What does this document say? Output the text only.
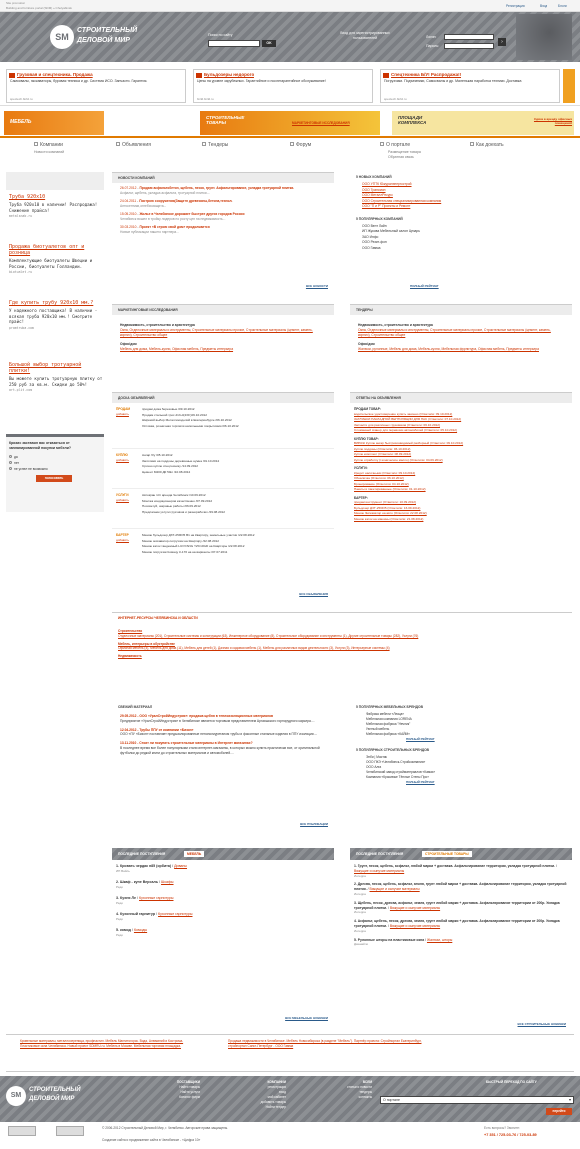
Site promotion
Building and furniture portal (SDM) » Chelyabinsk	Регистрация	Вход	Блоги
SM
СТРОИТЕЛЬНЫЙ
ДЕЛОВОЙ МИР
Поиск по сайту
OK
Вход для зарегистрированных пользователей	Логин:
Пароль:
›
Грузовая и спецтехника. Продажа
Самосвалы, экскаваторы, буровая техника и др. Система ИСО. Запчасти. Гарантия.
spectech.bizld.ru
Бульдозеры недорого
Цены на уровне зарубежных. Гарантийное и послегарантийное обслуживание!
bizld.bizld.ru
Спецтехника Б/У! Распродажа!!
Погрузчики. Подъемники, Самосвалы и др. Маленькая наработка техники. Доставка
spectech.bizld.ru
МЕБЕЛЬ
СТРОИТЕЛЬНЫЕ ТОВАРЫ	МАРКЕТИНГОВЫЕ ИССЛЕДОВАНИЯ
ПЛОЩАДИ КОМПЛЕКСА
Сдача в аренду офисных помещений
Компании
Новости компаний
Объявления	Тендеры	Форум	О портале
Размещение товара
Обратная связь
Как доехать
Труба 920х10
Труба 920х10 в наличии! Распродажа! Снижение прайса!
metalsnab.ru
Продажа биотуалетов опт и розница
Комплектующие биотуалеты Швеции и России, биотуалеты Голландии.
biotualet.ru
Где купить трубу 920х10 мм.?
У надежного поставщика! В наличии - всякая труба 920х10 мм.! Смотрите прайс!
promtruba.com
Большой выбор тротуарной плитки!
Вы можете купить тротуарную плитку от 250 руб за кв.м. Скидки до 50%!
art-plit.com
Кризис заставил вас отказаться от запланированной покупки мебели?
да
нет
не успел не возможно
голосовать
НОВОСТИ КОМПАНИЙ
26.07.2012 - Продаю асфальтобетон, щебень, песок, грунт. Асфальтирование, укладка тротуарной плитки.
Асфальт, щебень, укладка асфальта, тротуарной плитки....
24.04.2011 - Построю сооружения(Защитн древесины,бетона,технол.
Антисептики,огнебиозащита...
15.05.2010 - Жилье в Челябинске дорожает быстрее других городов России
Челябинск вошел в тройку лидеров по росту цен на недвижимость...
30.03.2010 - Проект «В строю свой дом» продолжается
Новые публикации нашего партнера...
ВСЕ НОВОСТИ
5 НОВЫХ КОМПАНИЙ
ООО УПТК Южуралэнергострой
ООО Трансмон
ООО МеталлРесурс
ООО Строительная специализированная компания
ООО "П и Р" Проекты и Ремонт
5 ПОПУЛЯРНЫХ КОМПАНИЙ
ООО Вент Лайн
ИП Жукова Мебельный салон Цезарь
ЗАО Инфо
ООО Резит-фон
ООО Гамма
ПОЛНЫЙ РЕЙТИНГ
МАРКЕТИНГОВЫЕ ИССЛЕДОВАНИЯ
Недвижимость, строительство и архитектура
Окна, Отделочные материалы и инструменты, Строительные материалы прочие, Строительные материалы (цемент, камень, кирпич), Строительство общее
Офис/дом
Мебель для дома, Мебель-кухни, Офисная мебель, Предметы интерьера
ТЕНДЕРЫ
Недвижимость, строительство и архитектура
Окна, Отделочные материалы и инструменты, Строительные материалы прочие, Строительные материалы (цемент, камень, кирпич), Строительство общее
Офис/дом
Жалюзи, рулонные, Мебель для дома, Мебель-кухни, Мебельная фурнитура, Офисная мебель, Предметы интерьера
ДОСКА ОБЪЯВЛЕНИЙ
ПРОДАМ
добавить
продам дома березовые /09.10.2012
Продам стальной трос d13-d(430 )09.10.2012
Широкий выбор Металлоизделий в Екатеринбурге /06.10.2012
Оптовая, розничная торговля напольными покрытиями /06.10.2012
КУПЛЮ
добавить
Ангар б/у /05.10.2012
Заготовки на поддоны деревянные нужна /01.10.2012
Срочно куплю спецтехнику /14.09.2012
Цемент М400 Д0 50кг /10.08.2012
УСЛУГИ
добавить
Автокран 14т аренда Челябинск /10.09.2012
Монтаж кондиционеров качественно /07.09.2012
Посоветуй, шаровые работы /06.09.2012
Предлагаем услуги грузчиков и разнорабочих /29.08.2012
БАРТЕР
добавить
Меняю бульдозер Д3Т-25ЯО5 В1 на Квартиру, земельные участки /22.08.2012
Меняю экскаватор-погрузчик на Квартиру /22.08.2012
Меняю каток тандемный LUOYANG YZC10GD на Квартиры /22.08.2012
Меняю погрузчик Комацу К-170 на на варианты /07.07.2011
ВСЕ ОБЪЯВЛЕНИЯ
ОТВЕТЫ НА ОБЪЯВЛЕНИЯ
ПРОДАМ ТОВАР:
водительское удостоверение купить законно (Ответили: 09.10.2012)
ЗАГЛУШКИ НАКЛАДНОЙ ВЕНТИЛЯЦИИ ДЛЯ НАС (Ответили: 07.10.2012)
Запчасти для различных грузовиков (Ответили: 06.10.2012)
Сломанный сканер для перевозки автомобилей (Ответили: 05.10.2012)
КУПЛЮ ТОВАР:
ВИРАЖ Куплю ангар быстровозводимый разборный (Ответили: 09.10.2012)
Куплю поддоны (Ответили: 06.10.2012)
Куплю комплект (Ответили: 08.09.2012)
Куплю отработку (техническое масло) (Ответили: 04.09.2012)
УСЛУГИ:
Кредит наличными (Ответили: 09.10.2012)
Обналичка (Ответили: 06.10.2012)
Бронирование (Ответили: 04.10.2012)
Пакеты и пакетированные (Ответили: 01.10.2012)
БАРТЕР:
продам инструмент (Ответили: 10.09.2012)
Бульдозер Д3Т-25ЯО5 (Ответили: 16.09.2012)
Меняю Экскаватор на авто (Ответили: 22.08.2012)
Меняю каток на машины (Ответили: 21.08.2012)
ИНТЕРНЕТ-РЕСУРСЫ ЧЕЛЯБИНСКА И ОБЛАСТИ
Строительство
Отделочные материалы (201), Строительные системы и конструкции (63), Инженерное оборудование (8), Строительное оборудование и инструменты (1), Другие строительные товары (282), Услуги (76)
Мебель, интерьеры в обустройстве
Офисная мебель (4), Мебель для дома (11), Мебель для детей (1), Дачная и садовая мебель (1), Мебель для различных видов деятельности (3), Услуги (3), Интерьерные системы (4)
Недвижимость
СВЕЖИЙ МАТЕРИАЛ
29.05.2012 - ООО «УралСтройИндустрия»: продажа щебня в теплоизоляционных материалов
Предприятие «УралСтройИндустрия» в Челябинске является торговым представителем Аргаяшского горнорудного карьера....
12.04.2012 - Трубы ППУ от компании «Бизон»
ООО «ПУ «Бизон» поставляет предызолированные пенополиуретаном трубы и фасонные стальные изделия в ППУ изоляции....
13.11.2010 - Стоит ли покупать строительные материалы в Интернет магазинах?
В последнее время все более популярными стали интернет-магазины, в которых можно купить практически все, от оригинальной футболки до редкой книги до строительных материалов и автомобилей....
ВСЕ ПУБЛИКАЦИИ
5 ПОПУЛЯРНЫХ МЕБЕЛЬНЫХ БРЕНДОВ
Фабрика мебели «Лекца»
Мебельная компания LORENA
Мебельная фабрика "Нечник"
Уютный мебель
Мебельная фабрика «КАЙМ»
ПОЛНЫЙ РЕЙТИНГ
5 ПОПУЛЯРНЫХ СТРОИТЕЛЬНЫХ БРЕНДОВ
Энби | Мастик
ООО ПКЭ «Челябинск-Стройкомпания»
ООО Алга
Челябинский завод стройматериалов «Камаз»
Компания «Красивые Тёплые Стены Про»
ПОЛНЫЙ РЕЙТИНГ
ПОСЛЕДНИЕ ПОСТУПЛЕНИЯ	МЕБЕЛЬ
1. Кровать чердак н85 (орбита) / Диваны
ИП Вайль
2. Шкаф - купе Версаль / Шкафы
Радо
3. Кухня Ле / Кухонные гарнитуры
Радо
4. Кухонный гарнитур / Кухонные гарнитуры
Радо
5. комод / Комоды
Радо
ВСЕ МЕБЕЛЬНЫЕ НОВИНКИ
ПОСЛЕДНИЕ ПОСТУПЛЕНИЯ	СТРОИТЕЛЬНЫЕ ТОВАРЫ
1. Грунт, песок, щебень, асфальт, любой марки + доставка. Асфальтирование территории, укладка тротуарной плитки. / Вяжущие и сыпучие материалы
Интерра
2. Дресва, песок, щебень, асфальт, земля, грунт любой марки + доставка. Асфальтирование территории, укладка тротуарной плитки. / Вяжущие и сыпучие материалы
Интерра
3. Щебень, песок, дресва, асфальт, земля, грунт любой марки + доставка. Асфальтирование территории от 200р. Укладка тротуарной плитки. / Вяжущие и сыпучие материалы
Интерра
4. Асфальт, щебень, песок, дресва, земля, грунт любой марки + доставка. Асфальтирование территории от 200р. Укладка тротуарной плитки. / Вяжущие и сыпучие материалы
Интерра
5. Рулонные шторы на пластиковые окна / Жалюзи, шторы
Джанайло
ВСЕ СТРОИТЕЛЬНЫЕ НОВИНКИ
Кровельные материалы, металлочерепица, профнастил. Мебель Магнитогорск. Вода, Алюминий и Кострома. Пластиковые окна Челябинска. Новый проект SDMRU.ru. Мебель в Москве. Мебельная торговая площадка.
Продажа недвижимости в Челябинске. Мебель Новосибирска (в разделе "Мебель"). Партнёр проекта: Стройпортал Екатеринбург, стройпортал Санкт-Петербург - ООО Гамма
SM
СТРОИТЕЛЬНЫЙ
ДЕЛОВОЙ МИР
ПОСТАВЩИКИ
Найти товары
Найти услуги
Каталог фирм
КОМПАНИИ
регистрация
вход
мой кабинет
добавить товары
Найти тендер
ВСЕМ
статьи и новости
тендеры
контакты
БЫСТРЫЙ ПЕРЕХОД ПО САЙТУ
О портале	▾
перейти
© 2006-2012 Строительный Деловой Мир, г. Челябинск. Авторские права защищены.
Создание сайта и продвижение сайта в Челябинске - «Цифра 10»
Есть вопросы? Звоните:
+7 351 / 725-03-76 / 725-03-89
